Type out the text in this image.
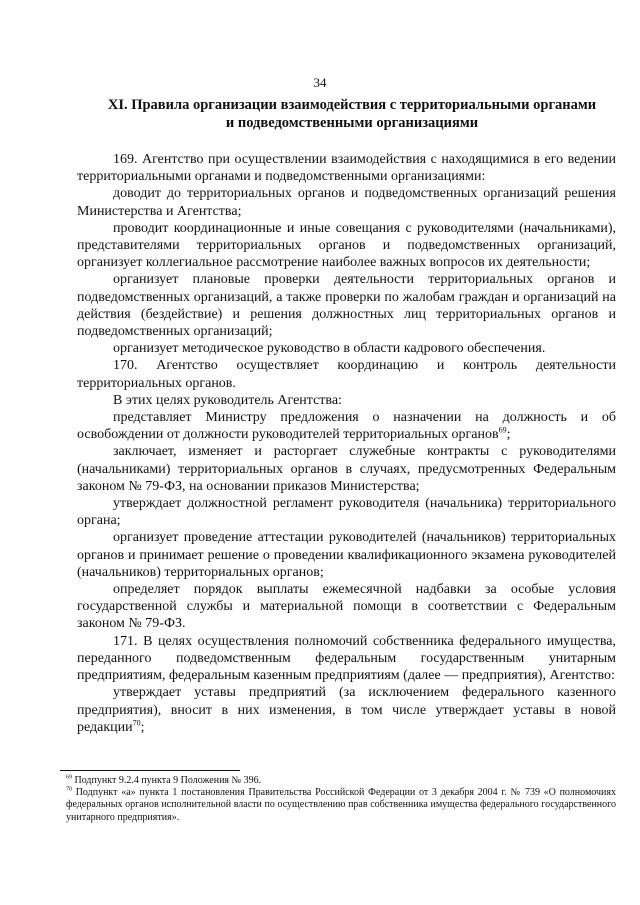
34
XI. Правила организации взаимодействия с территориальными органами
и подведомственными организациями

169. Агентство при осуществлении взаимодействия с находящимися в его ведении территориальными органами и подведомственными организациями:

доводит до территориальных органов и подведомственных организаций решения Министерства и Агентства;

проводит координационные и иные совещания с руководителями (начальниками), представителями территориальных органов и подведомственных организаций, организует коллегиальное рассмотрение наиболее важных вопросов их деятельности;

организует плановые проверки деятельности территориальных органов и подведомственных организаций, а также проверки по жалобам граждан и организаций на действия (бездействие) и решения должностных лиц территориальных органов и подведомственных организаций;

организует методическое руководство в области кадрового обеспечения.

170. Агентство осуществляет координацию и контроль деятельности территориальных органов.

В этих целях руководитель Агентства:

представляет Министру предложения о назначении на должность и об освобождении от должности руководителей территориальных органов$^{69}$;

заключает, изменяет и расторгает служебные контракты с руководителями (начальниками) территориальных органов в случаях, предусмотренных Федеральным законом № 79-ФЗ, на основании приказов Министерства;

утверждает должностной регламент руководителя (начальника) территориального органа;

организует проведение аттестации руководителей (начальников) территориальных органов и принимает решение о проведении квалификационного экзамена руководителей (начальников) территориальных органов;

определяет порядок выплаты ежемесячной надбавки за особые условия государственной службы и материальной помощи в соответствии с Федеральным законом № 79-ФЗ.

171. В целях осуществления полномочий собственника федерального имущества, переданного подведомственным федеральным государственным унитарным предприятиям, федеральным казенным предприятиям (далее — предприятия), Агентство:

утверждает уставы предприятий (за исключением федерального казенного предприятия), вносит в них изменения, в том числе утверждает уставы в новой редакции$^{70}$;

$^{69}$ Подпункт 9.2.4 пункта 9 Положения № 396.

$^{70}$ Подпункт «а» пункта 1 постановления Правительства Российской Федерации от 3 декабря 2004 г. № 739 «О полномочиях федеральных органов исполнительной власти по осуществлению прав собственника имущества федерального государственного унитарного предприятия».
